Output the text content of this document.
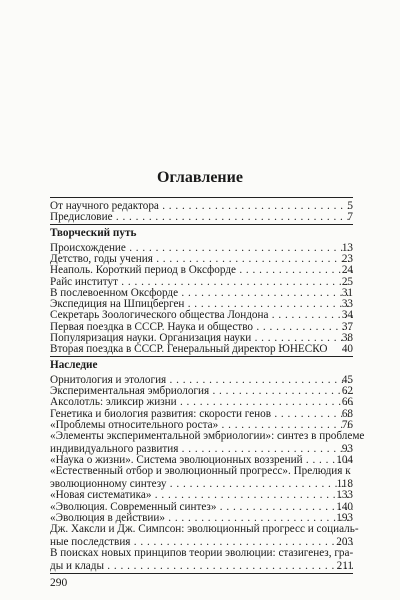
Оглавление
От научного редактора . . .	5
Предисловие . . .	7
Творческий путь
Происхождение . . .	13
Детство, годы учения . . .	23
Неаполь. Короткий период в Оксфорде . . .	24
Райс институт . . .	25
В послевоенном Оксфорде . . .	31
Экспедиция на Шпицберген . . .	33
Секретарь Зоологического общества Лондона . . .	34
Первая поездка в СССР. Наука и общество . . .	37
Популяризация науки. Организация науки . . .	38
Вторая поездка в СССР. Генеральный директор ЮНЕСКО	40
Наследие
Орнитология и этология . . .	45
Экспериментальная эмбриология . . .	62
Аксолотль: эликсир жизни . . .	66
Генетика и биология развития: скорости генов . . .	68
«Проблемы относительного роста» . . .	76
«Элементы экспериментальной эмбриологии»: синтез в проблеме
индивидуального развития . . .	93
«Наука о жизни». Система эволюционных воззрений . . .	104
«Естественный отбор и эволюционный прогресс». Прелюдия к
эволюционному синтезу . . .	118
«Новая систематика» . . .	133
«Эволюция. Современный синтез» . . .	140
«Эволюция в действии» . . .	193
Дж. Хаксли и Дж. Симпсон: эволюционный прогресс и социаль-
ные последствия . . .	203
В поисках новых принципов теории эволюции: стазигенез, гра-
ды и клады . . .	211
290
